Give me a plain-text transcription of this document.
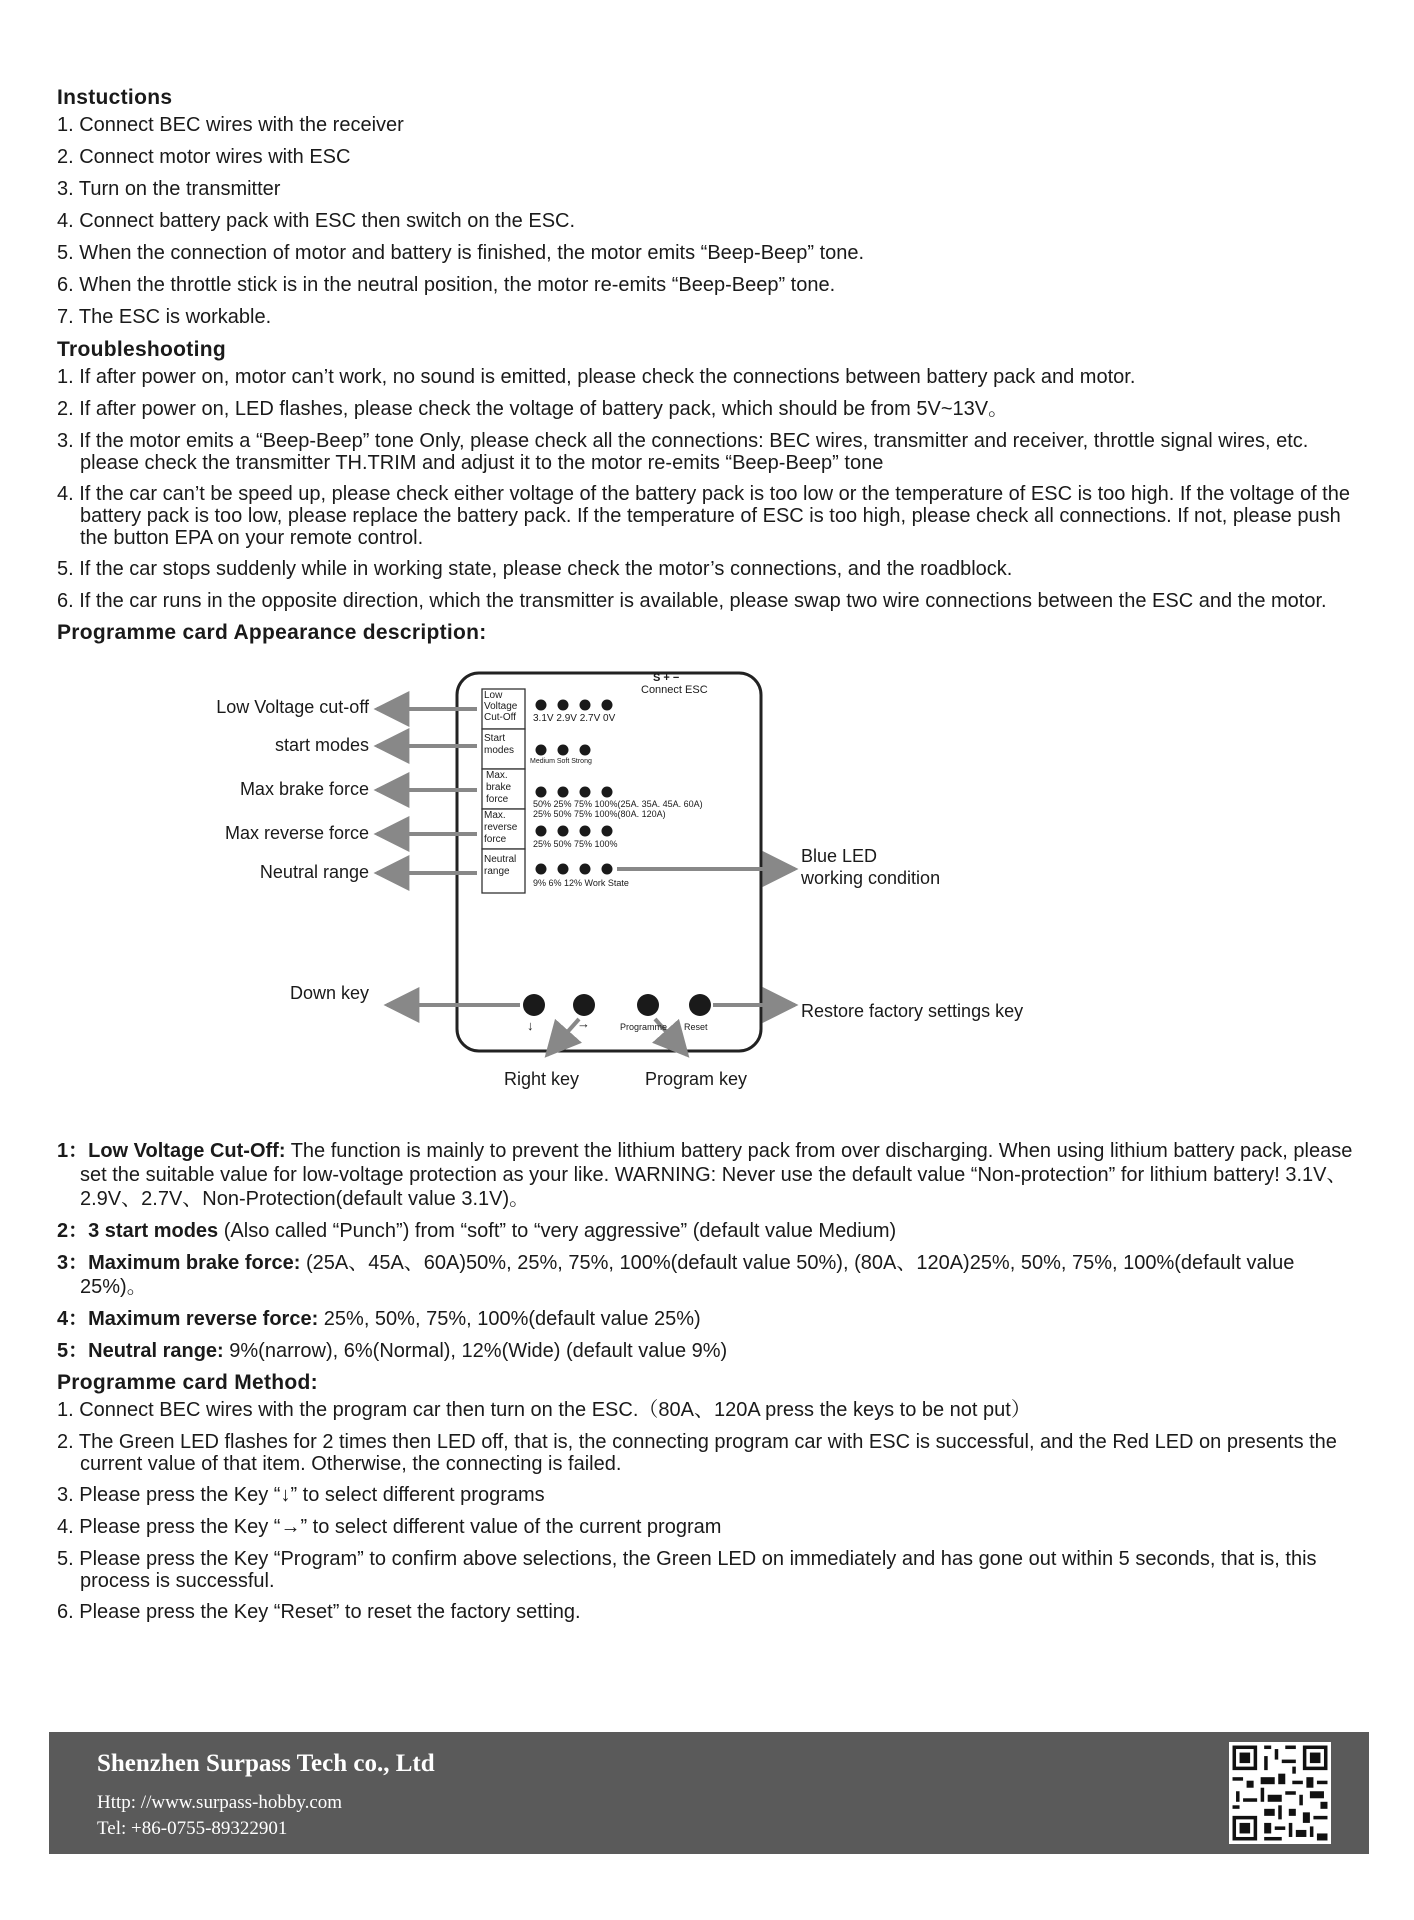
Instuctions
1. Connect BEC wires with the receiver
2. Connect motor wires with ESC
3. Turn on the transmitter
4. Connect battery pack with ESC then switch on the ESC.
5. When the connection of motor and battery is finished, the motor emits “Beep-Beep” tone.
6. When the throttle stick is in the neutral position, the motor re-emits “Beep-Beep” tone.
7. The ESC is workable.
Troubleshooting
1. If after power on, motor can’t work, no sound is emitted, please check the connections between battery pack and motor.
2. If after power on, LED flashes, please check the voltage of battery pack, which should be from 5V~13V。
3. If the motor emits a “Beep-Beep” tone Only, please check all the connections: BEC wires, transmitter and receiver, throttle signal wires, etc. please check the transmitter TH.TRIM and adjust it to the motor re-emits “Beep-Beep” tone
4. If the car can’t be speed up, please check either voltage of the battery pack is too low or the temperature of ESC is too high. If the voltage of the battery pack is too low, please replace the battery pack. If the temperature of ESC is too high, please check all connections. If not, please push the button EPA on your remote control.
5. If the car stops suddenly while in working state, please check the motor’s connections, and the roadblock.
6. If the car runs in the opposite direction, which the transmitter is available, please swap two wire connections between the ESC and the motor.
Programme card Appearance description:
Low
Voltage
Cut-Off
Start
modes
Max.
brake
force
Max.
reverse
force
Neutral
range
3.1V 2.9V 2.7V 0V
Medium Soft Strong
50% 25% 75% 100%(25A. 35A. 45A. 60A)
25% 50% 75% 100%(80A. 120A)
25% 50% 75% 100%
9% 6% 12% Work State
S + −
Connect ESC
↓	→	Programme Reset
Low Voltage cut-off
start modes
Max brake force
Max reverse force
Neutral range
Blue LED
working condition
Down key
Restore factory settings key
Right key	Program key

1：Low Voltage Cut-Off: The function is mainly to prevent the lithium battery pack from over discharging. When using lithium battery pack, please set the suitable value for low-voltage protection as your like. WARNING: Never use the default value “Non-protection” for lithium battery! 3.1V、2.9V、2.7V、Non-Protection(default value 3.1V)。

2：3 start modes (Also called “Punch”) from “soft” to “very aggressive” (default value Medium)

3：Maximum brake force: (25A、45A、60A)50%, 25%, 75%, 100%(default value 50%), (80A、120A)25%, 50%, 75%, 100%(default value 25%)。

4：Maximum reverse force: 25%, 50%, 75%, 100%(default value 25%)

5：Neutral range: 9%(narrow), 6%(Normal), 12%(Wide) (default value 9%)

Programme card Method:
1. Connect BEC wires with the program car then turn on the ESC.（80A、120A press the keys to be not put）
2. The Green LED flashes for 2 times then LED off, that is, the connecting program car with ESC is successful, and the Red LED on presents the current value of that item. Otherwise, the connecting is failed.
3. Please press the Key “↓” to select different programs
4. Please press the Key “→” to select different value of the current program
5. Please press the Key “Program” to confirm above selections, the Green LED on immediately and has gone out within 5 seconds, that is, this process is successful.
6. Please press the Key “Reset” to reset the factory setting.
Shenzhen Surpass Tech co., Ltd
Http: //www.surpass-hobby.com
Tel: +86-0755-89322901
